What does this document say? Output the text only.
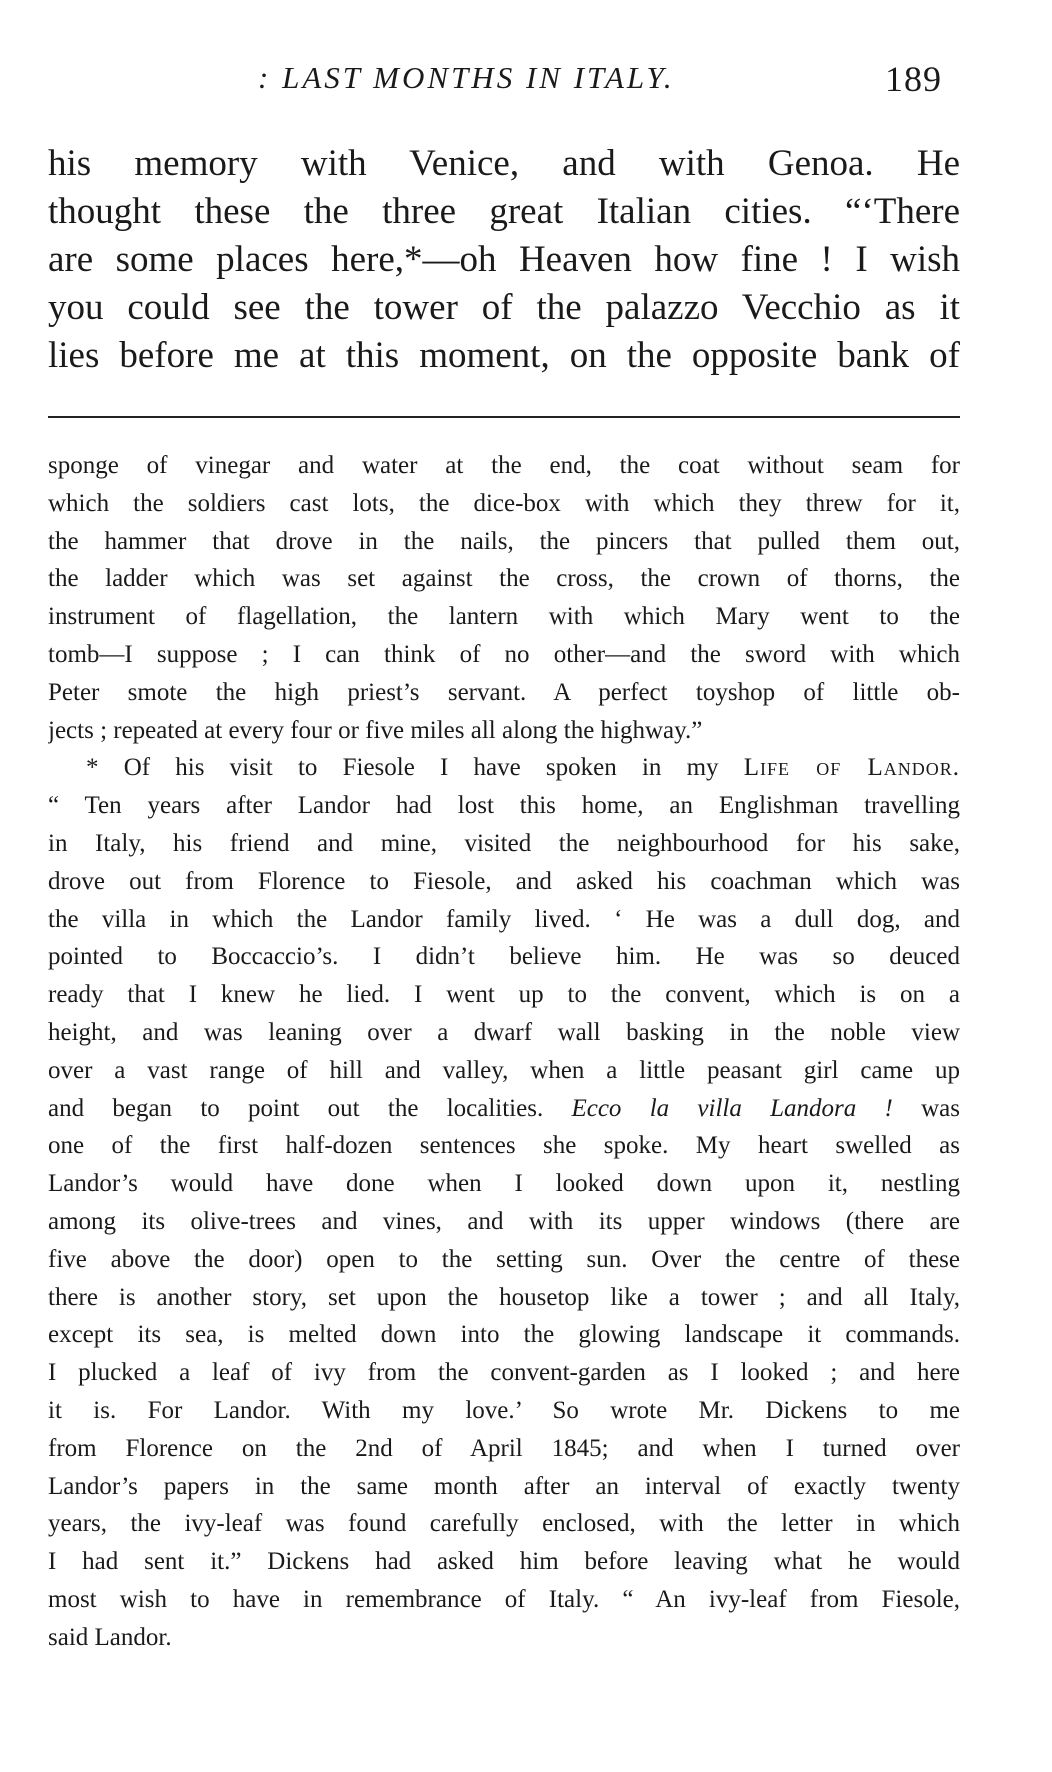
: LAST MONTHS IN ITALY.	189
his memory with Venice, and with Genoa. He
thought these the three great Italian cities. “‘There
are some places here,*—oh Heaven how fine ! I wish
you could see the tower of the palazzo Vecchio as it
lies before me at this moment, on the opposite bank of
sponge of vinegar and water at the end, the coat without seam for
which the soldiers cast lots, the dice-box with which they threw for it,
the hammer that drove in the nails, the pincers that pulled them out,
the ladder which was set against the cross, the crown of thorns, the
instrument of flagellation, the lantern with which Mary went to the
tomb—I suppose ; I can think of no other—and the sword with which
Peter smote the high priest’s servant. A perfect toyshop of little ob-
jects ; repeated at every four or five miles all along the highway.”
* Of his visit to Fiesole I have spoken in my Life of Landor.
“ Ten years after Landor had lost this home, an Englishman travelling
in Italy, his friend and mine, visited the neighbourhood for his sake,
drove out from Florence to Fiesole, and asked his coachman which was
the villa in which the Landor family lived. ‘ He was a dull dog, and
pointed to Boccaccio’s. I didn’t believe him. He was so deuced
ready that I knew he lied. I went up to the convent, which is on a
height, and was leaning over a dwarf wall basking in the noble view
over a vast range of hill and valley, when a little peasant girl came up
and began to point out the localities. Ecco la villa Landora ! was
one of the first half-dozen sentences she spoke. My heart swelled as
Landor’s would have done when I looked down upon it, nestling
among its olive-trees and vines, and with its upper windows (there are
five above the door) open to the setting sun. Over the centre of these
there is another story, set upon the housetop like a tower ; and all Italy,
except its sea, is melted down into the glowing landscape it commands.
I plucked a leaf of ivy from the convent-garden as I looked ; and here
it is. For Landor. With my love.’ So wrote Mr. Dickens to me
from Florence on the 2nd of April 1845; and when I turned over
Landor’s papers in the same month after an interval of exactly twenty
years, the ivy-leaf was found carefully enclosed, with the letter in which
I had sent it.” Dickens had asked him before leaving what he would
most wish to have in remembrance of Italy. “ An ivy-leaf from Fiesole,
said Landor.
